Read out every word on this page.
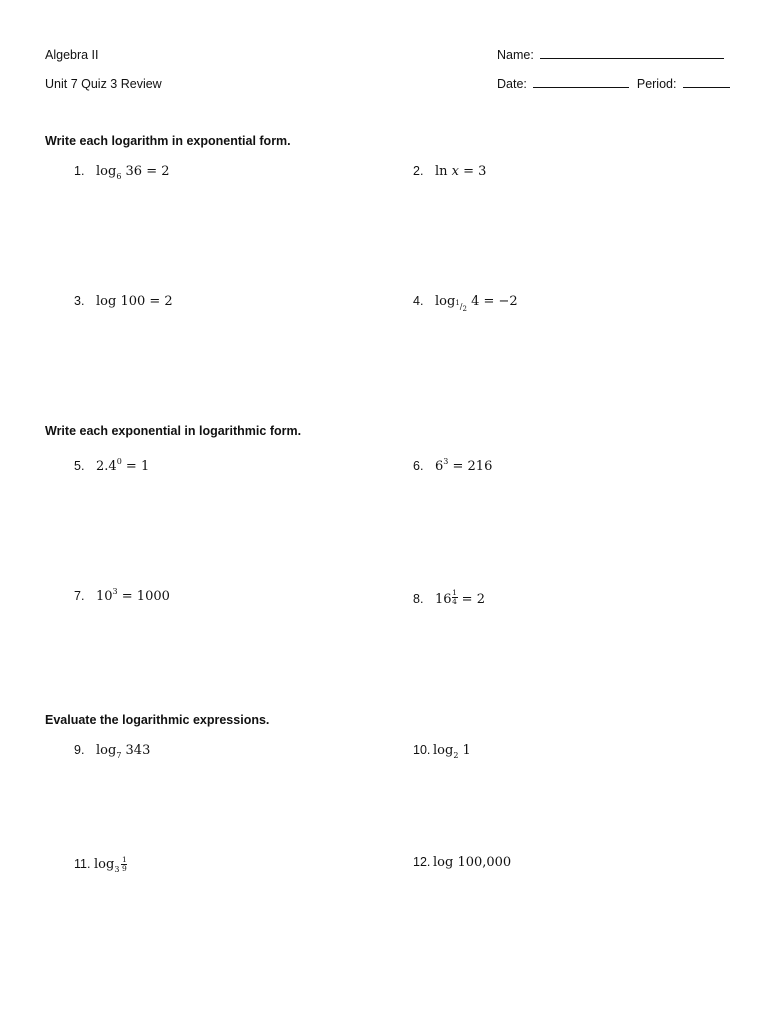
Algebra II
Unit 7 Quiz 3 Review
Name:
Date:	Period:
Write each logarithm in exponential form.
1. $\log_6 36 = 2$	2. ln x = 3
3. log 100 = 2	4. $\log_{1/2} 4 = -2$
Write each exponential in logarithmic form.
5. $2.4^0 = 1$	6. $6^3 = 216$
7. $10^3 = 1000$	8. $16 \frac{1}{4} = 2$
Evaluate the logarithmic expressions.
9. $\log_7 343$	10. $\log_2 1$
11. $\log_3 \frac{1}{9}$	12. log 100,000
